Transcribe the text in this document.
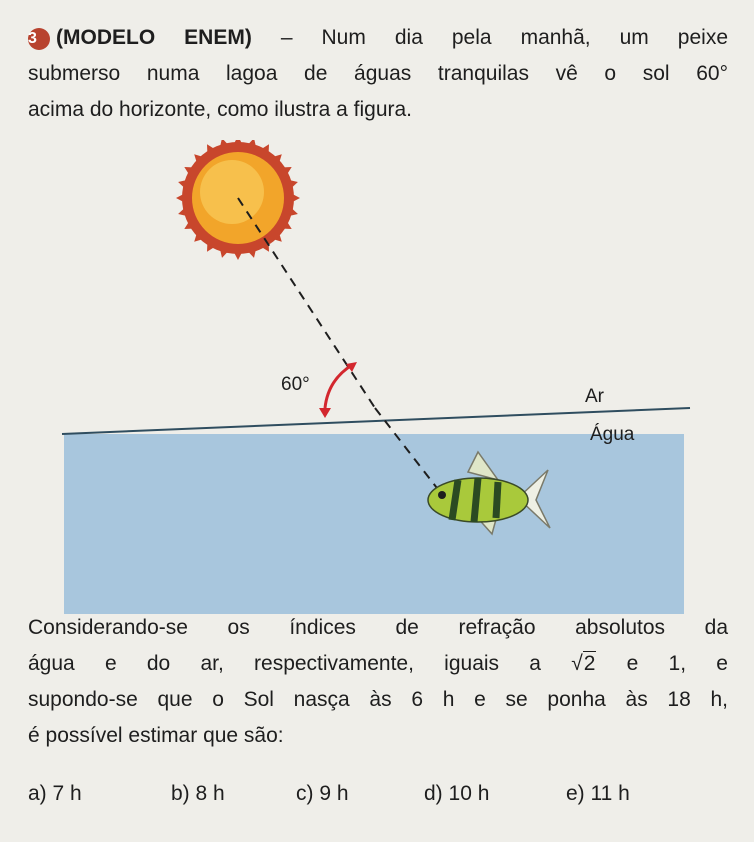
3 (MODELO ENEM) – Num dia pela manhã, um peixe
submerso numa lagoa de águas tranquilas vê o sol 60°
acima do horizonte, como ilustra a figura.
60°
Ar
Água
Considerando-se os índices de refração absolutos da
água e do ar, respectivamente, iguais a √2 e 1, e
supondo-se que o Sol nasça às 6 h e se ponha às 18 h,
é possível estimar que são:
a) 7 h	b) 8 h	c) 9 h	d) 10 h	e) 11 h
